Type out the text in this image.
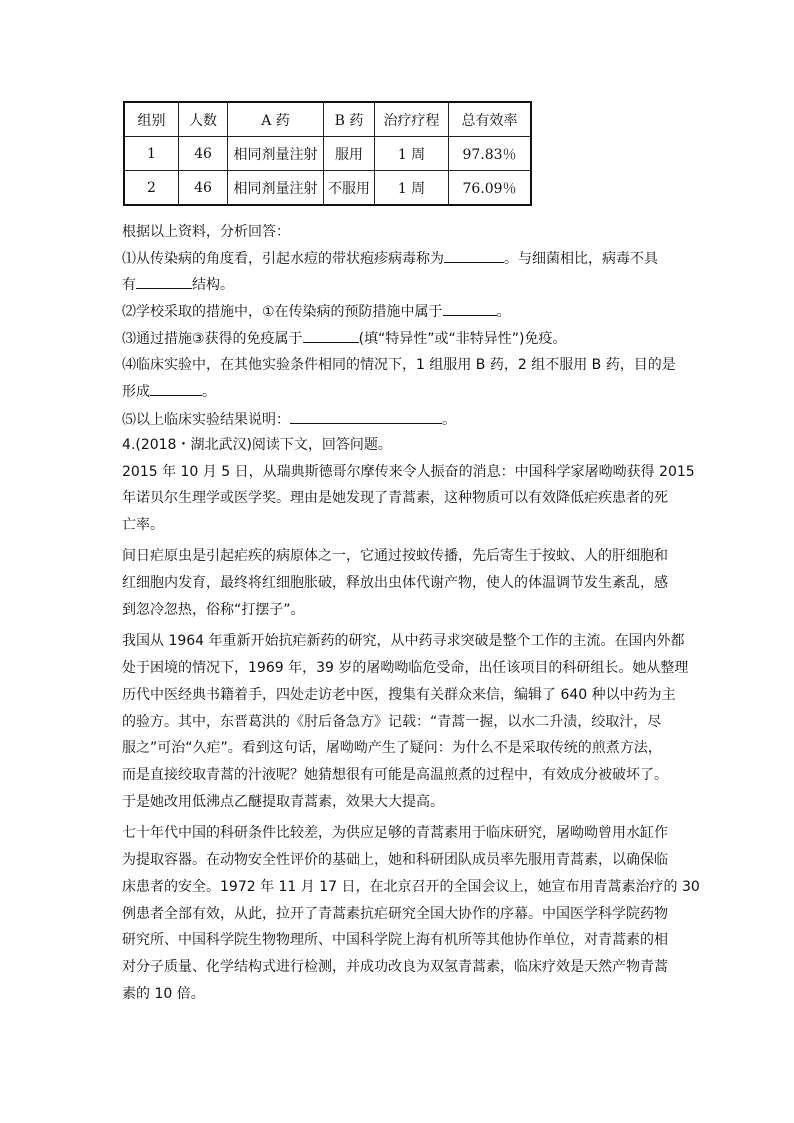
组别	人数	A 药	B 药	治疗疗程	总有效率
1	46	相同剂量注射	服用	1 周	97.83％
2	46	相同剂量注射	不服用	1 周	76.09％
根据以上资料，分析回答：
⑴从传染病的角度看，引起水痘的带状疱疹病毒称为	。与细菌相比，病毒不具
有	结构。
⑵学校采取的措施中，①在传染病的预防措施中属于	。
⑶通过措施③获得的免疫属于	(填“特异性”或“非特异性”)免疫。
⑷临床实验中，在其他实验条件相同的情况下，1 组服用 B 药，2 组不服用 B 药，目的是
形成	。
⑸以上临床实验结果说明：	。
4.(2018・湖北武汉)阅读下文，回答问题。
2015 年 10 月 5 日，从瑞典斯德哥尔摩传来令人振奋的消息：中国科学家屠呦呦获得 2015
年诺贝尔生理学或医学奖。理由是她发现了青蒿素，这种物质可以有效降低疟疾患者的死
亡率。
间日疟原虫是引起疟疾的病原体之一，它通过按蚊传播，先后寄生于按蚊、人的肝细胞和
红细胞内发育，最终将红细胞胀破，释放出虫体代谢产物，使人的体温调节发生紊乱，感
到忽冷忽热，俗称“打摆子”。
我国从 1964 年重新开始抗疟新药的研究，从中药寻求突破是整个工作的主流。在国内外都
处于困境的情况下，1969 年，39 岁的屠呦呦临危受命，出任该项目的科研组长。她从整理
历代中医经典书籍着手，四处走访老中医，搜集有关群众来信，编辑了 640 种以中药为主
的验方。其中，东晋葛洪的《肘后备急方》记载：“青蒿一握，以水二升渍，绞取汁，尽
服之”可治“久疟”。看到这句话，屠呦呦产生了疑问：为什么不是采取传统的煎煮方法，
而是直接绞取青蒿的汁液呢？她猜想很有可能是高温煎煮的过程中，有效成分被破坏了。
于是她改用低沸点乙醚提取青蒿素，效果大大提高。
七十年代中国的科研条件比较差，为供应足够的青蒿素用于临床研究，屠呦呦曾用水缸作
为提取容器。在动物安全性评价的基础上，她和科研团队成员率先服用青蒿素，以确保临
床患者的安全。1972 年 11 月 17 日，在北京召开的全国会议上，她宣布用青蒿素治疗的 30
例患者全部有效，从此，拉开了青蒿素抗疟研究全国大协作的序幕。中国医学科学院药物
研究所、中国科学院生物物理所、中国科学院上海有机所等其他协作单位，对青蒿素的相
对分子质量、化学结构式进行检测，并成功改良为双氢青蒿素，临床疗效是天然产物青蒿
素的 10 倍。
